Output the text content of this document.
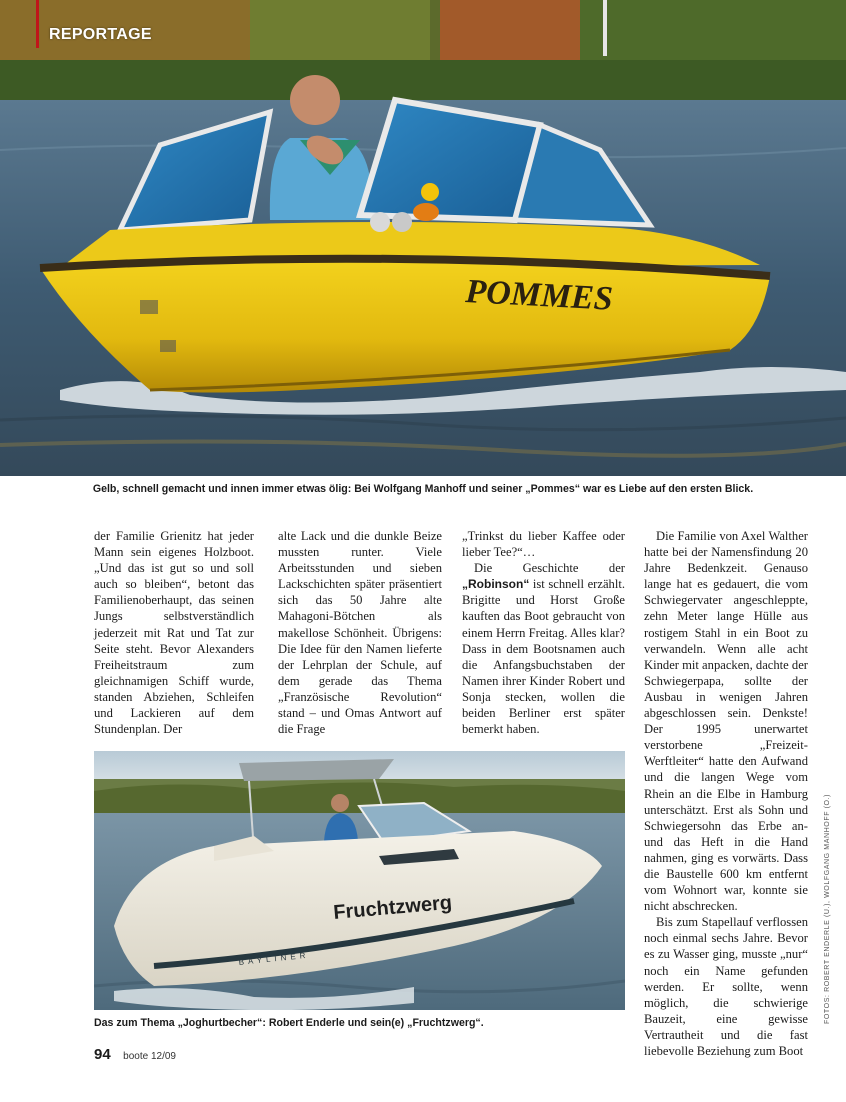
POMMES
REPORTAGE
Gelb, schnell gemacht und innen immer etwas ölig: Bei Wolfgang Manhoff und seiner „Pommes“ war es Liebe auf den ersten Blick.

der Familie Grienitz hat jeder Mann sein eigenes Holzboot. „Und das ist gut so und soll auch so bleiben“, betont das Familienoberhaupt, das seinen Jungs selbstverständlich jederzeit mit Rat und Tat zur Seite steht. Bevor Alexanders Freiheitstraum zum gleichnamigen Schiff wurde, standen Abziehen, Schleifen und Lackieren auf dem Stundenplan. Der

alte Lack und die dunkle Beize mussten runter. Viele Arbeitsstunden und sieben Lackschichten später präsentiert sich das 50 Jahre alte Mahagoni-Bötchen als makellose Schönheit. Übrigens: Die Idee für den Namen lieferte der Lehrplan der Schule, auf dem gerade das Thema „Französische Revolution“ stand – und Omas Antwort auf die Frage

„Trinkst du lieber Kaffee oder lieber Tee?“…

Die Geschichte der „Robinson“ ist schnell erzählt. Brigitte und Horst Große kauften das Boot gebraucht von einem Herrn Freitag. Alles klar? Dass in dem Bootsnamen auch die Anfangsbuchstaben der Namen ihrer Kinder Robert und Sonja stecken, wollen die beiden Berliner erst später bemerkt haben.

Die Familie von Axel Walther hatte bei der Namensfindung 20 Jahre Bedenkzeit. Genauso lange hat es gedauert, die vom Schwiegervater angeschleppte, zehn Meter lange Hülle aus rostigem Stahl in ein Boot zu verwandeln. Wenn alle acht Kinder mit anpacken, dachte der Schwiegerpapa, sollte der Ausbau in wenigen Jahren abgeschlossen sein. Denkste! Der 1995 unerwartet verstorbene „Freizeit-Werftleiter“ hatte den Aufwand und die langen Wege vom Rhein an die Elbe in Hamburg unterschätzt. Erst als Sohn und Schwiegersohn das Erbe an- und das Heft in die Hand nahmen, ging es vorwärts. Dass die Baustelle 600 km entfernt vom Wohnort war, konnte sie nicht abschrecken.

Bis zum Stapellauf verflossen noch einmal sechs Jahre. Bevor es zu Wasser ging, musste „nur“ noch ein Name gefunden werden. Er sollte, wenn möglich, die schwierige Bauzeit, eine gewisse Vertrautheit und die fast liebevolle Beziehung zum Boot

Fruchtzwerg
BAYLINER
Das zum Thema „Joghurtbecher“: Robert Enderle und sein(e) „Fruchtzwerg“.	FOTOS: ROBERT ENDERLE (U.), WOLFGANG MANHOFF (O.)
94 boote 12/09
